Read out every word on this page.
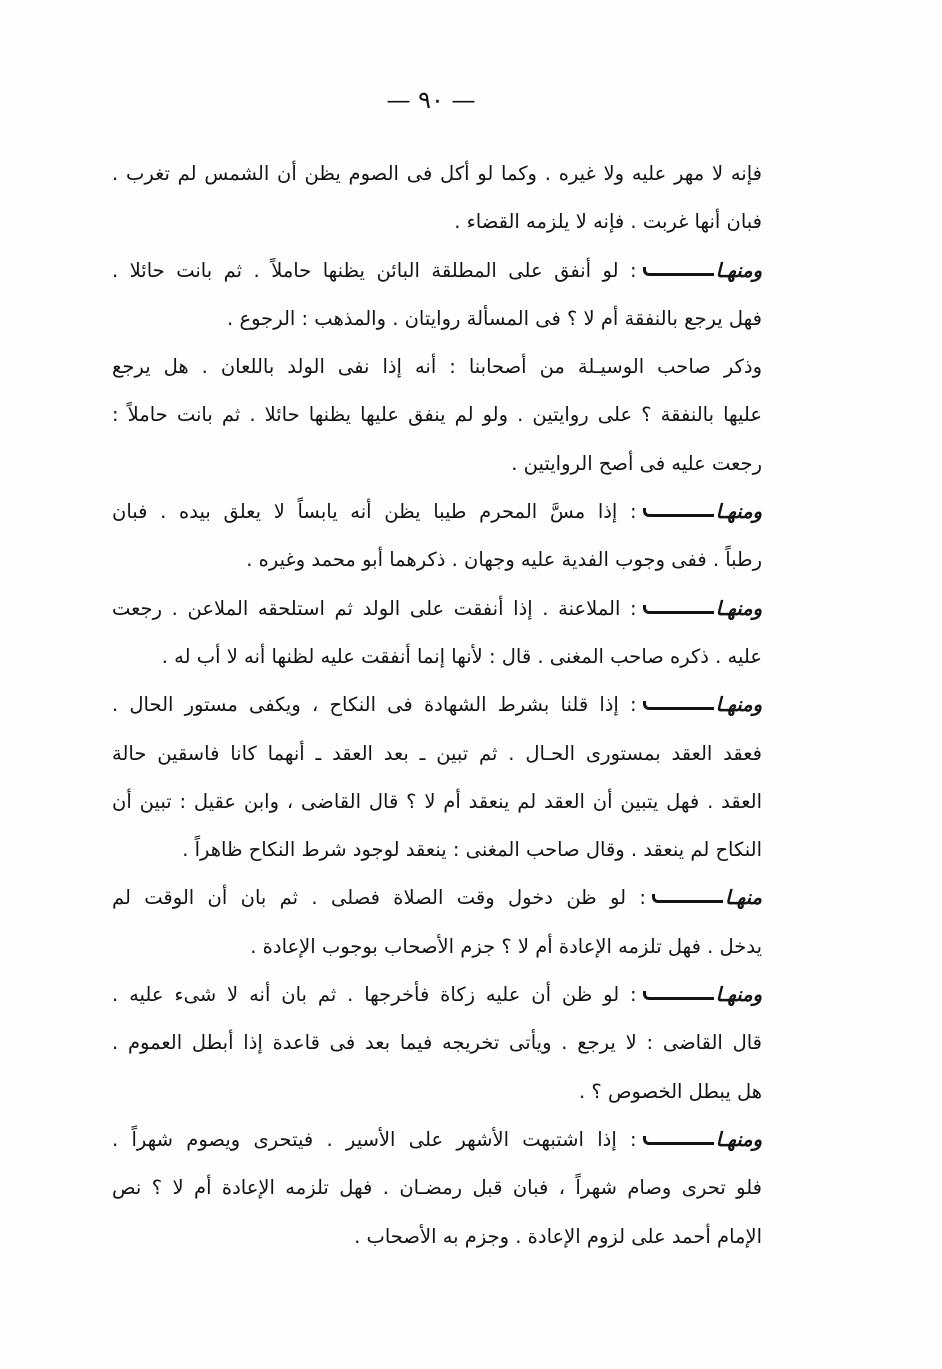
— ٩٠ —
فإنه لا مهر عليه ولا غيره . وكما لو أكل فى الصوم يظن أن الشمس لم تغرب .
فبان أنها غربت . فإنه لا يلزمه القضاء .
ومنهـا: لو أنفق على المطلقة البائن يظنها حاملاً . ثم بانت حائلا .
فهل يرجع بالنفقة أم لا ؟ فى المسألة روايتان . والمذهب : الرجوع .
وذكر صاحب الوسيـلة من أصحابنا : أنه إذا نفى الولد باللعان . هل يرجع
عليها بالنفقة ؟ على روايتين . ولو لم ينفق عليها يظنها حائلا . ثم بانت حاملاً :
رجعت عليه فى أصح الروايتين .
ومنهـا: إذا مسَّ المحرم طيبا يظن أنه يابساً لا يعلق بيده . فبان
رطباً . ففى وجوب الفدية عليه وجهان . ذكرهما أبو محمد وغيره .
ومنهـا: الملاعنة . إذا أنفقت على الولد ثم استلحقه الملاعن . رجعت
عليه . ذكره صاحب المغنى . قال : لأنها إنما أنفقت عليه لظنها أنه لا أب له .
ومنهـا: إذا قلنا بشرط الشهادة فى النكاح ، ويكفى مستور الحال .
فعقد العقد بمستورى الحـال . ثم تبين ـ بعد العقد ـ أنهما كانا فاسقين حالة
العقد . فهل يتبين أن العقد لم ينعقد أم لا ؟ قال القاضى ، وابن عقيل : تبين أن
النكاح لم ينعقد . وقال صاحب المغنى : ينعقد لوجود شرط النكاح ظاهراً .
منهـا: لو ظن دخول وقت الصلاة فصلى . ثم بان أن الوقت لم
يدخل . فهل تلزمه الإعادة أم لا ؟ جزم الأصحاب بوجوب الإعادة .
ومنهـا: لو ظن أن عليه زكاة فأخرجها . ثم بان أنه لا شىء عليه .
قال القاضى : لا يرجع . ويأتى تخريجه فيما بعد فى قاعدة إذا أبطل العموم .
هل يبطل الخصوص ؟ .
ومنهـا: إذا اشتبهت الأشهر على الأسير . فيتحرى ويصوم شهراً .
فلو تحرى وصام شهراً ، فبان قبل رمضـان . فهل تلزمه الإعادة أم لا ؟ نص
الإمام أحمد على لزوم الإعادة . وجزم به الأصحاب .
